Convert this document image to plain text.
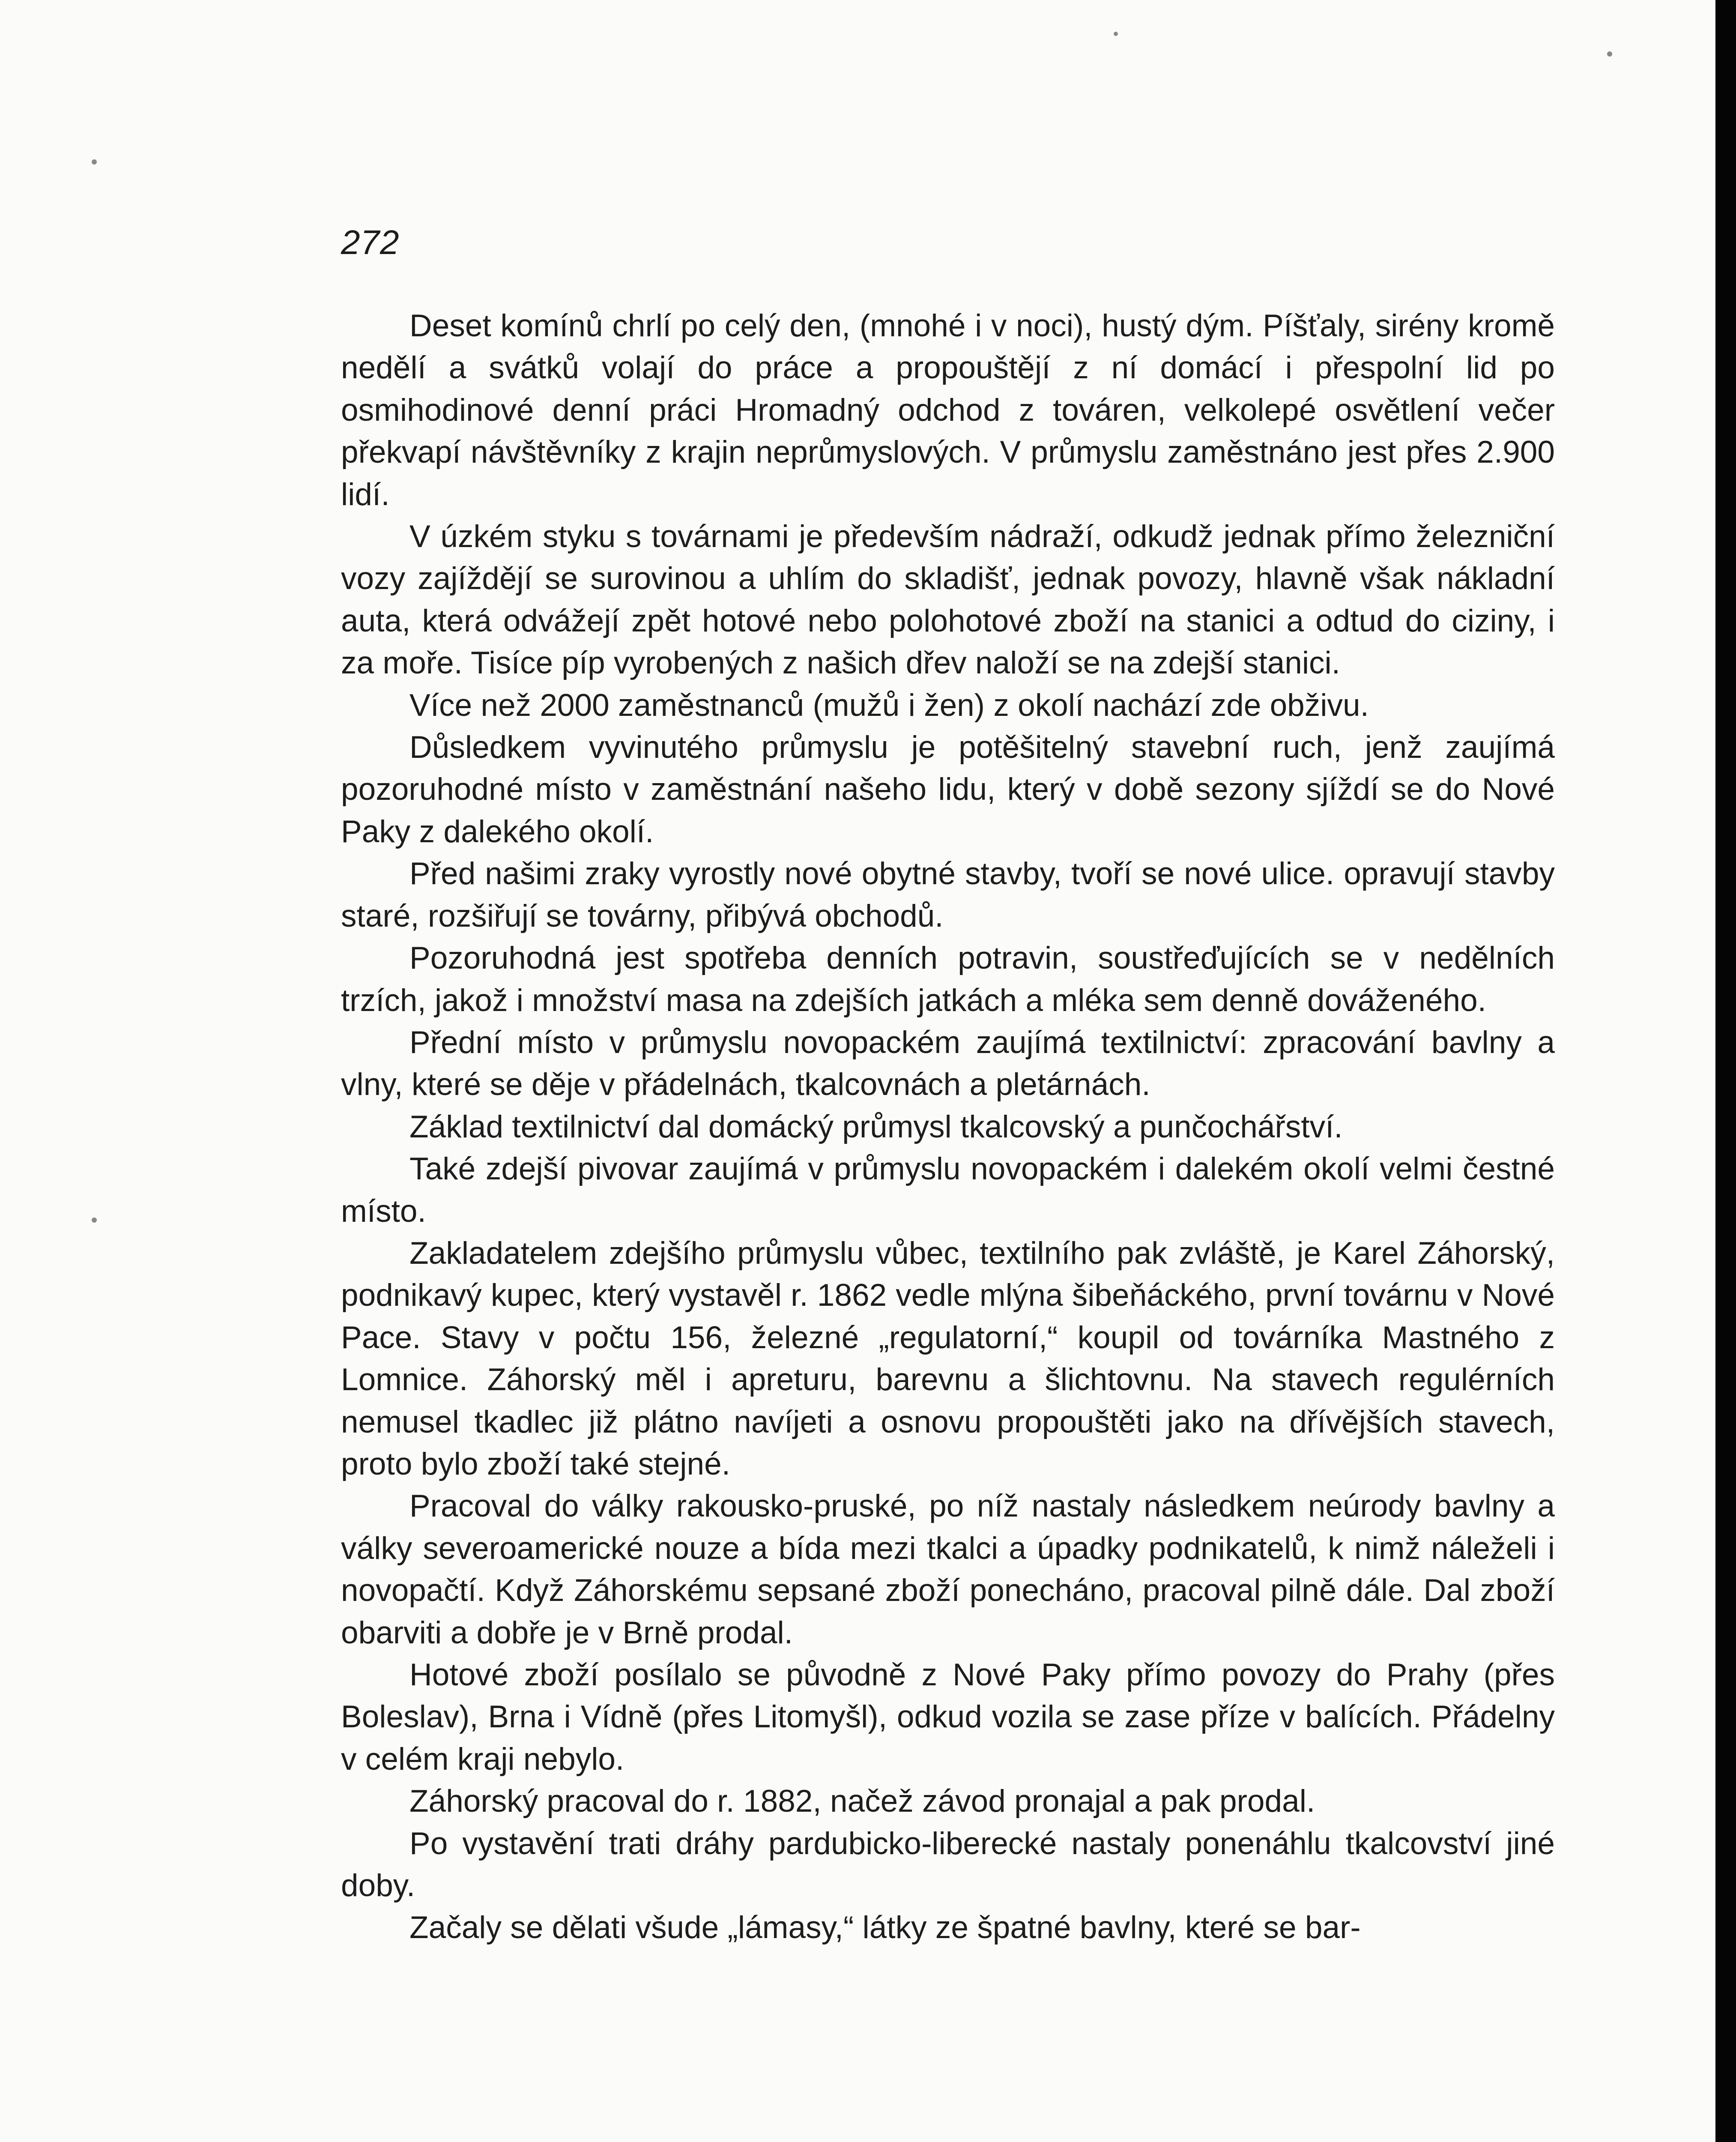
272

Deset komínů chrlí po celý den, (mnohé i v noci), hustý dým. Píšťaly, sirény kromě nedělí a svátků volají do práce a propouštějí z ní domácí i přespolní lid po osmihodinové denní práci Hromadný odchod z továren, velkolepé osvětlení večer překvapí návštěvníky z krajin neprůmyslových. V průmyslu zaměstnáno jest přes 2.900 lidí.

V úzkém styku s továrnami je především nádraží, odkudž jednak přímo železniční vozy zajíždějí se surovinou a uhlím do skladišť, jednak povozy, hlavně však nákladní auta, která odvážejí zpět hotové nebo polohotové zboží na stanici a odtud do ciziny, i za moře. Tisíce píp vyrobených z našich dřev naloží se na zdejší stanici.

Více než 2000 zaměstnanců (mužů i žen) z okolí nachází zde obživu.

Důsledkem vyvinutého průmyslu je potěšitelný stavební ruch, jenž zaujímá pozoruhodné místo v zaměstnání našeho lidu, který v době sezony sjíždí se do Nové Paky z dalekého okolí.

Před našimi zraky vyrostly nové obytné stavby, tvoří se nové ulice. opravují stavby staré, rozšiřují se továrny, přibývá obchodů.

Pozoruhodná jest spotřeba denních potravin, soustřeďujících se v nedělních trzích, jakož i množství masa na zdejších jatkách a mléka sem denně dováženého.

Přední místo v průmyslu novopackém zaujímá textilnictví: zpracování bavlny a vlny, které se děje v přádelnách, tkalcovnách a pletárnách.

Základ textilnictví dal domácký průmysl tkalcovský a punčochářství.

Také zdejší pivovar zaujímá v průmyslu novopackém i dalekém okolí velmi čestné místo.

Zakladatelem zdejšího průmyslu vůbec, textilního pak zvláště, je Karel Záhorský, podnikavý kupec, který vystavěl r. 1862 vedle mlýna šibeňáckého, první továrnu v Nové Pace. Stavy v počtu 156, železné „regulatorní,“ koupil od továrníka Mastného z Lomnice. Záhorský měl i apreturu, barevnu a šlichtovnu. Na stavech regulérních nemusel tkadlec již plátno navíjeti a osnovu propouštěti jako na dřívějších stavech, proto bylo zboží také stejné.

Pracoval do války rakousko-pruské, po níž nastaly následkem neúrody bavlny a války severoamerické nouze a bída mezi tkalci a úpadky podnikatelů, k nimž náleželi i novopačtí. Když Záhorskému sepsané zboží ponecháno, pracoval pilně dále. Dal zboží obarviti a dobře je v Brně prodal.

Hotové zboží posílalo se původně z Nové Paky přímo povozy do Prahy (přes Boleslav), Brna i Vídně (přes Litomyšl), odkud vozila se zase příze v balících. Přádelny v celém kraji nebylo.

Záhorský pracoval do r. 1882, načež závod pronajal a pak prodal.

Po vystavění trati dráhy pardubicko-liberecké nastaly ponenáhlu tkalcovství jiné doby.

Začaly se dělati všude „lámasy,“ látky ze špatné bavlny, které se bar-
